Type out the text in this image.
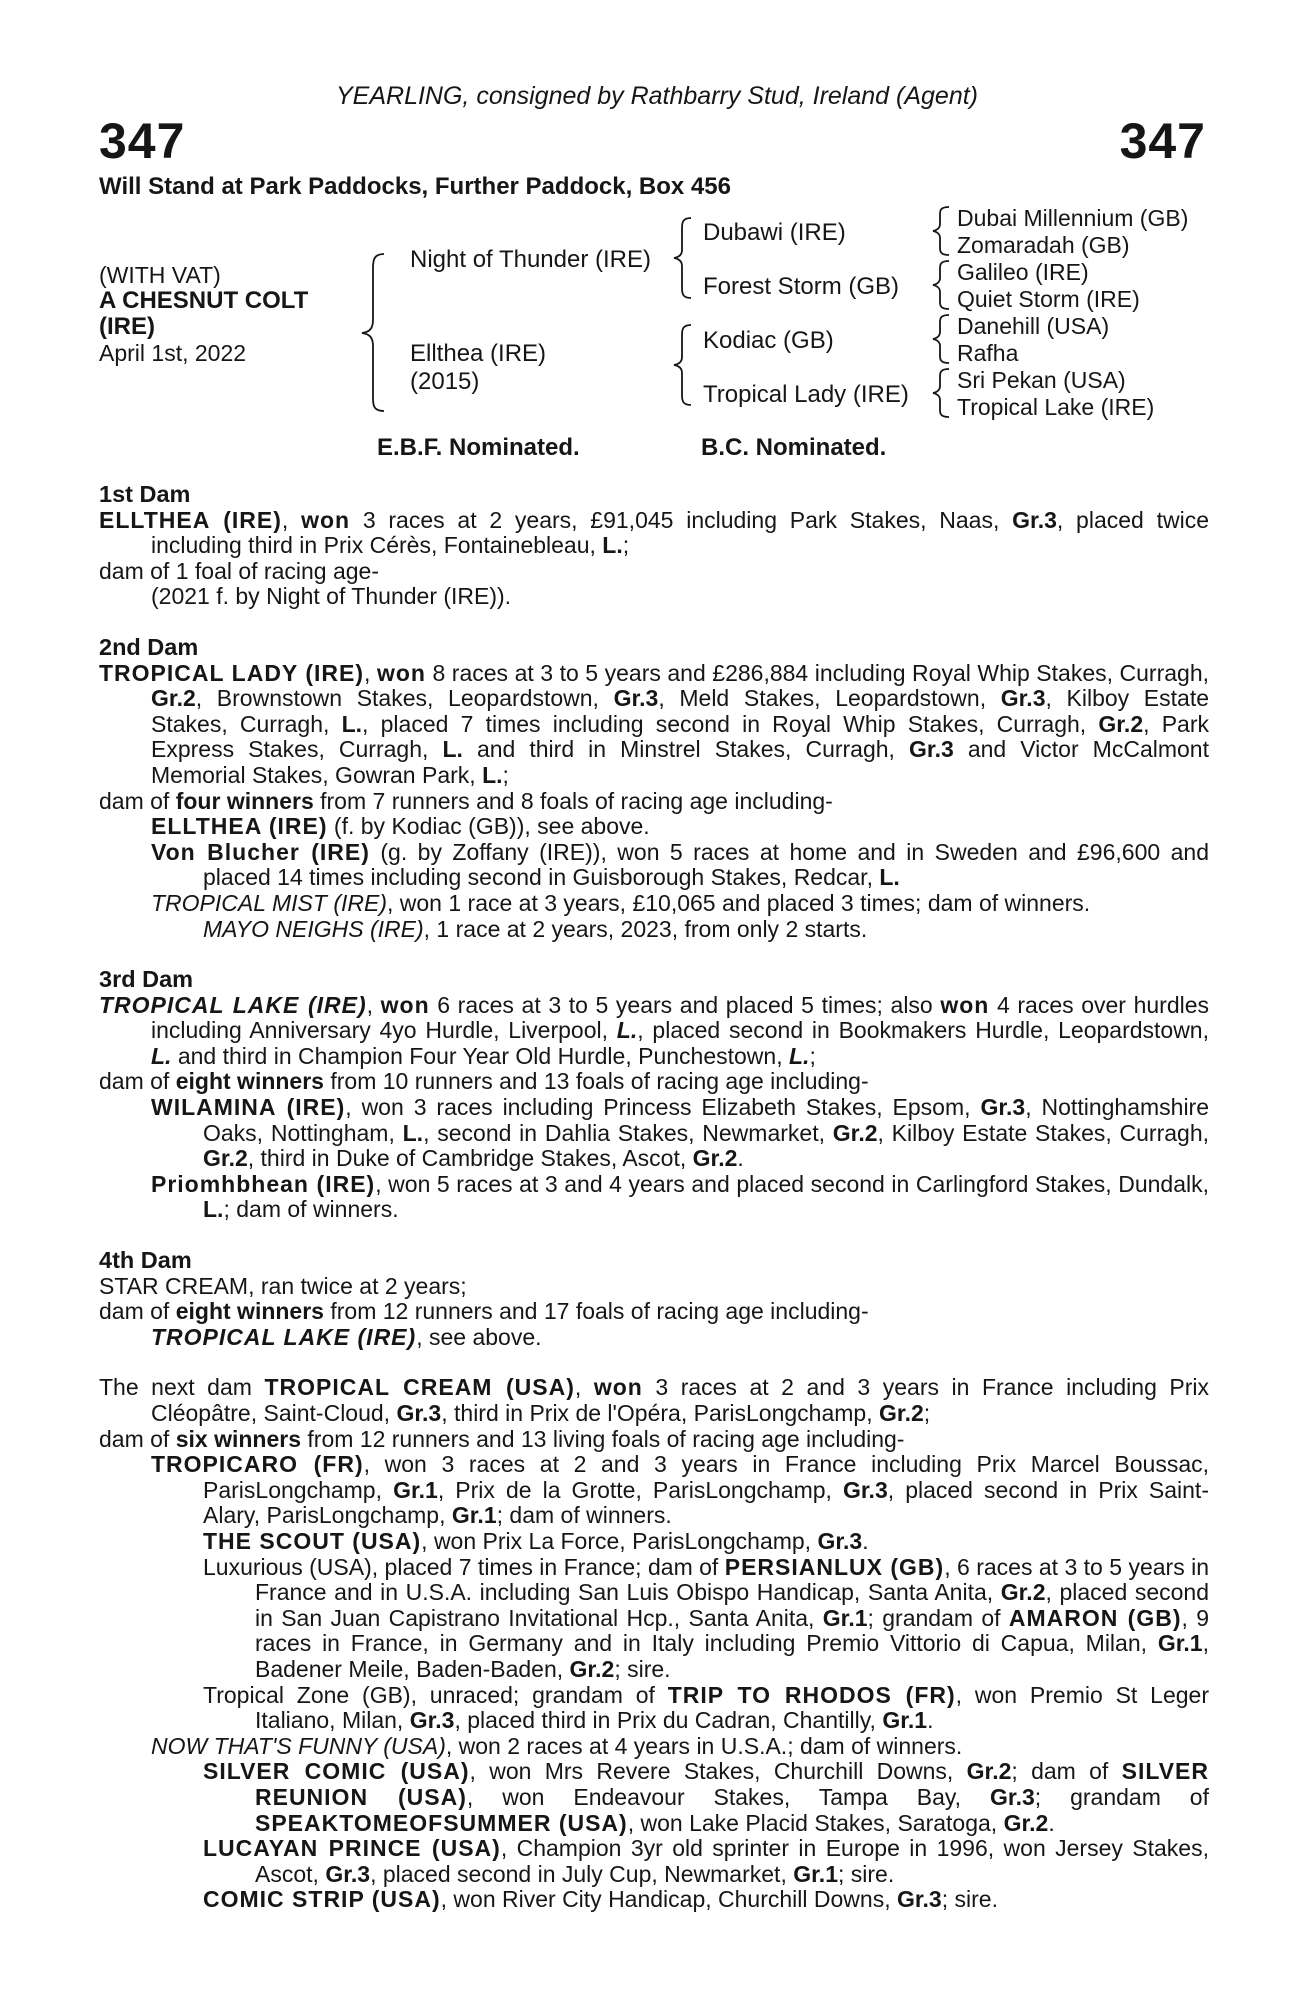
YEARLING, consigned by Rathbarry Stud, Ireland (Agent)
347	347
Will Stand at Park Paddocks, Further Paddock, Box 456
(WITH VAT)
A CHESNUT COLT
(IRE)
April 1st, 2022
Night of Thunder (IRE)
Ellthea (IRE)
(2015)
Dubawi (IRE)
Forest Storm (GB)
Kodiac (GB)
Tropical Lady (IRE)
Dubai Millennium (GB)
Zomaradah (GB)
Galileo (IRE)
Quiet Storm (IRE)
Danehill (USA)
Rafha
Sri Pekan (USA)
Tropical Lake (IRE)
E.B.F. Nominated.	B.C. Nominated.

1st Dam

ELLTHEA (IRE), won 3 races at 2 years, £91,045 including Park Stakes, Naas, Gr.3, placed twice including third in Prix Cérès, Fontainebleau, L.;

dam of 1 foal of racing age-

(2021 f. by Night of Thunder (IRE)).

2nd Dam

TROPICAL LADY (IRE), won 8 races at 3 to 5 years and £286,884 including Royal Whip Stakes, Curragh, Gr.2, Brownstown Stakes, Leopardstown, Gr.3, Meld Stakes, Leopardstown, Gr.3, Kilboy Estate Stakes, Curragh, L., placed 7 times including second in Royal Whip Stakes, Curragh, Gr.2, Park Express Stakes, Curragh, L. and third in Minstrel Stakes, Curragh, Gr.3 and Victor McCalmont Memorial Stakes, Gowran Park, L.;

dam of four winners from 7 runners and 8 foals of racing age including-

ELLTHEA (IRE) (f. by Kodiac (GB)), see above.

Von Blucher (IRE) (g. by Zoffany (IRE)), won 5 races at home and in Sweden and £96,600 and placed 14 times including second in Guisborough Stakes, Redcar, L.

TROPICAL MIST (IRE), won 1 race at 3 years, £10,065 and placed 3 times; dam of winners.

MAYO NEIGHS (IRE), 1 race at 2 years, 2023, from only 2 starts.

3rd Dam

TROPICAL LAKE (IRE), won 6 races at 3 to 5 years and placed 5 times; also won 4 races over hurdles including Anniversary 4yo Hurdle, Liverpool, L., placed second in Bookmakers Hurdle, Leopardstown, L. and third in Champion Four Year Old Hurdle, Punchestown, L.;

dam of eight winners from 10 runners and 13 foals of racing age including-

WILAMINA (IRE), won 3 races including Princess Elizabeth Stakes, Epsom, Gr.3, Nottinghamshire Oaks, Nottingham, L., second in Dahlia Stakes, Newmarket, Gr.2, Kilboy Estate Stakes, Curragh, Gr.2, third in Duke of Cambridge Stakes, Ascot, Gr.2.

Priomhbhean (IRE), won 5 races at 3 and 4 years and placed second in Carlingford Stakes, Dundalk, L.; dam of winners.

4th Dam

STAR CREAM, ran twice at 2 years;

dam of eight winners from 12 runners and 17 foals of racing age including-

TROPICAL LAKE (IRE), see above.

The next dam TROPICAL CREAM (USA), won 3 races at 2 and 3 years in France including Prix Cléopâtre, Saint-Cloud, Gr.3, third in Prix de l'Opéra, ParisLongchamp, Gr.2;

dam of six winners from 12 runners and 13 living foals of racing age including-

TROPICARO (FR), won 3 races at 2 and 3 years in France including Prix Marcel Boussac, ParisLongchamp, Gr.1, Prix de la Grotte, ParisLongchamp, Gr.3, placed second in Prix Saint-Alary, ParisLongchamp, Gr.1; dam of winners.

THE SCOUT (USA), won Prix La Force, ParisLongchamp, Gr.3.

Luxurious (USA), placed 7 times in France; dam of PERSIANLUX (GB), 6 races at 3 to 5 years in France and in U.S.A. including San Luis Obispo Handicap, Santa Anita, Gr.2, placed second in San Juan Capistrano Invitational Hcp., Santa Anita, Gr.1; grandam of AMARON (GB), 9 races in France, in Germany and in Italy including Premio Vittorio di Capua, Milan, Gr.1, Badener Meile, Baden-Baden, Gr.2; sire.

Tropical Zone (GB), unraced; grandam of TRIP TO RHODOS (FR), won Premio St Leger Italiano, Milan, Gr.3, placed third in Prix du Cadran, Chantilly, Gr.1.

NOW THAT'S FUNNY (USA), won 2 races at 4 years in U.S.A.; dam of winners.

SILVER COMIC (USA), won Mrs Revere Stakes, Churchill Downs, Gr.2; dam of SILVER REUNION (USA), won Endeavour Stakes, Tampa Bay, Gr.3; grandam of SPEAKTOMEOFSUMMER (USA), won Lake Placid Stakes, Saratoga, Gr.2.

LUCAYAN PRINCE (USA), Champion 3yr old sprinter in Europe in 1996, won Jersey Stakes, Ascot, Gr.3, placed second in July Cup, Newmarket, Gr.1; sire.

COMIC STRIP (USA), won River City Handicap, Churchill Downs, Gr.3; sire.
